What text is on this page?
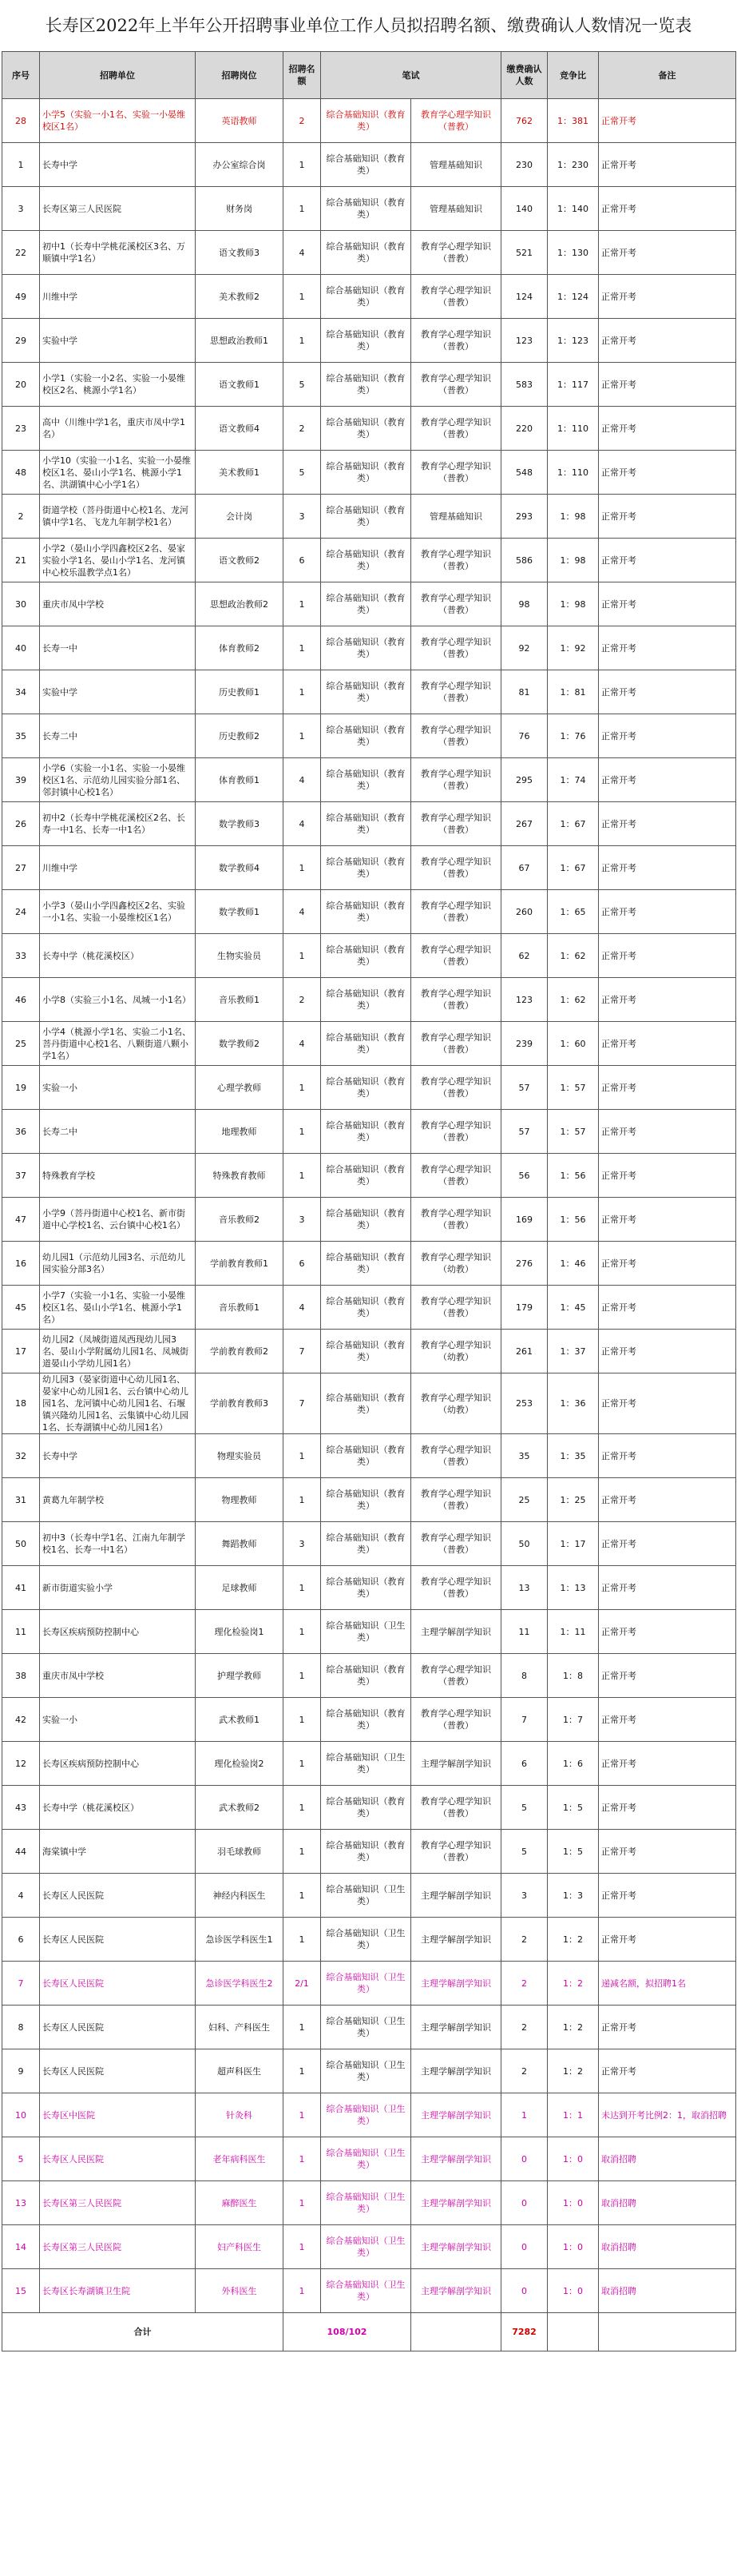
长寿区2022年上半年公开招聘事业单位工作人员拟招聘名额、缴费确认人数情况一览表
序号	招聘单位	招聘岗位	招聘名额	笔试		缴费确认人数	竞争比	备注
28	小学5（实验一小1名、实验一小晏维校区1名）	英语教师	2	综合基础知识（教育类）	教育学心理学知识（普教）	762	1：381	正常开考
1	长寿中学	办公室综合岗	1	综合基础知识（教育类）	管理基础知识	230	1：230	正常开考
3	长寿区第三人民医院	财务岗	1	综合基础知识（教育类）	管理基础知识	140	1：140	正常开考
22	初中1（长寿中学桃花溪校区3名、万顺镇中学1名）	语文教师3	4	综合基础知识（教育类）	教育学心理学知识（普教）	521	1：130	正常开考
49	川维中学	美术教师2	1	综合基础知识（教育类）	教育学心理学知识（普教）	124	1：124	正常开考
29	实验中学	思想政治教师1	1	综合基础知识（教育类）	教育学心理学知识（普教）	123	1：123	正常开考
20	小学1（实验一小2名、实验一小晏维校区2名、桃源小学1名）	语文教师1	5	综合基础知识（教育类）	教育学心理学知识（普教）	583	1：117	正常开考
23	高中（川维中学1名，重庆市凤中学1名）	语文教师4	2	综合基础知识（教育类）	教育学心理学知识（普教）	220	1：110	正常开考
48	小学10（实验一小1名、实验一小晏维校区1名、晏山小学1名、桃源小学1名、洪湖镇中心小学1名）	美术教师1	5	综合基础知识（教育类）	教育学心理学知识（普教）	548	1：110	正常开考
2	街道学校（菩丹街道中心校1名、龙河镇中学1名、飞龙九年制学校1名）	会计岗	3	综合基础知识（教育类）	管理基础知识	293	1：98	正常开考
21	小学2（晏山小学四鑫校区2名、晏家实验小学1名、晏山小学1名、龙河镇中心校乐温教学点1名）	语文教师2	6	综合基础知识（教育类）	教育学心理学知识（普教）	586	1：98	正常开考
30	重庆市凤中学校	思想政治教师2	1	综合基础知识（教育类）	教育学心理学知识（普教）	98	1：98	正常开考
40	长寿一中	体育教师2	1	综合基础知识（教育类）	教育学心理学知识（普教）	92	1：92	正常开考
34	实验中学	历史教师1	1	综合基础知识（教育类）	教育学心理学知识（普教）	81	1：81	正常开考
35	长寿二中	历史教师2	1	综合基础知识（教育类）	教育学心理学知识（普教）	76	1：76	正常开考
39	小学6（实验一小1名、实验一小晏维校区1名、示范幼儿园实验分部1名、邻封镇中心校1名）	体育教师1	4	综合基础知识（教育类）	教育学心理学知识（普教）	295	1：74	正常开考
26	初中2（长寿中学桃花溪校区2名、长寿一中1名、长寿一中1名）	数学教师3	4	综合基础知识（教育类）	教育学心理学知识（普教）	267	1：67	正常开考
27	川维中学	数学教师4	1	综合基础知识（教育类）	教育学心理学知识（普教）	67	1：67	正常开考
24	小学3（晏山小学四鑫校区2名、实验一小1名、实验一小晏维校区1名）	数学教师1	4	综合基础知识（教育类）	教育学心理学知识（普教）	260	1：65	正常开考
33	长寿中学（桃花溪校区）	生物实验员	1	综合基础知识（教育类）	教育学心理学知识（普教）	62	1：62	正常开考
46	小学8（实验三小1名、凤城一小1名）	音乐教师1	2	综合基础知识（教育类）	教育学心理学知识（普教）	123	1：62	正常开考
25	小学4（桃源小学1名、实验二小1名、菩丹街道中心校1名、八颗街道八颗小学1名）	数学教师2	4	综合基础知识（教育类）	教育学心理学知识（普教）	239	1：60	正常开考
19	实验一小	心理学教师	1	综合基础知识（教育类）	教育学心理学知识（普教）	57	1：57	正常开考
36	长寿二中	地理教师	1	综合基础知识（教育类）	教育学心理学知识（普教）	57	1：57	正常开考
37	特殊教育学校	特殊教育教师	1	综合基础知识（教育类）	教育学心理学知识（普教）	56	1：56	正常开考
47	小学9（菩丹街道中心校1名、新市街道中心学校1名、云台镇中心校1名）	音乐教师2	3	综合基础知识（教育类）	教育学心理学知识（普教）	169	1：56	正常开考
16	幼儿园1（示范幼儿园3名、示范幼儿园实验分部3名）	学前教育教师1	6	综合基础知识（教育类）	教育学心理学知识（幼教）	276	1：46	正常开考
45	小学7（实验一小1名、实验一小晏维校区1名、晏山小学1名、桃源小学1名）	音乐教师1	4	综合基础知识（教育类）	教育学心理学知识（普教）	179	1：45	正常开考
17	幼儿园2（凤城街道凤西现幼儿园3名、晏山小学附属幼儿园1名、凤城街道晏山小学幼儿园1名）	学前教育教师2	7	综合基础知识（教育类）	教育学心理学知识（幼教）	261	1：37	正常开考
18	幼儿园3（晏家街道中心幼儿园1名、晏家中心幼儿园1名、云台镇中心幼儿园1名、龙河镇中心幼儿园1名、石堰镇兴隆幼儿园1名、云集镇中心幼儿园1名、长寿湖镇中心幼儿园1名）	学前教育教师3	7	综合基础知识（教育类）	教育学心理学知识（幼教）	253	1：36	正常开考
32	长寿中学	物理实验员	1	综合基础知识（教育类）	教育学心理学知识（普教）	35	1：35	正常开考
31	黄葛九年制学校	物理教师	1	综合基础知识（教育类）	教育学心理学知识（普教）	25	1：25	正常开考
50	初中3（长寿中学1名、江南九年制学校1名、长寿一中1名）	舞蹈教师	3	综合基础知识（教育类）	教育学心理学知识（普教）	50	1：17	正常开考
41	新市街道实验小学	足球教师	1	综合基础知识（教育类）	教育学心理学知识（普教）	13	1：13	正常开考
11	长寿区疾病预防控制中心	理化检验岗1	1	综合基础知识（卫生类）	主理学解剖学知识	11	1：11	正常开考
38	重庆市凤中学校	护理学教师	1	综合基础知识（教育类）	教育学心理学知识（普教）	8	1：8	正常开考
42	实验一小	武术教师1	1	综合基础知识（教育类）	教育学心理学知识（普教）	7	1：7	正常开考
12	长寿区疾病预防控制中心	理化检验岗2	1	综合基础知识（卫生类）	主理学解剖学知识	6	1：6	正常开考
43	长寿中学（桃花溪校区）	武术教师2	1	综合基础知识（教育类）	教育学心理学知识（普教）	5	1：5	正常开考
44	海棠镇中学	羽毛球教师	1	综合基础知识（教育类）	教育学心理学知识（普教）	5	1：5	正常开考
4	长寿区人民医院	神经内科医生	1	综合基础知识（卫生类）	主理学解剖学知识	3	1：3	正常开考
6	长寿区人民医院	急诊医学科医生1	1	综合基础知识（卫生类）	主理学解剖学知识	2	1：2	正常开考
7	长寿区人民医院	急诊医学科医生2	2/1	综合基础知识（卫生类）	主理学解剖学知识	2	1：2	递减名额，拟招聘1名
8	长寿区人民医院	妇科、产科医生	1	综合基础知识（卫生类）	主理学解剖学知识	2	1：2	正常开考
9	长寿区人民医院	超声科医生	1	综合基础知识（卫生类）	主理学解剖学知识	2	1：2	正常开考
10	长寿区中医院	针灸科	1	综合基础知识（卫生类）	主理学解剖学知识	1	1：1	未达到开考比例2：1，取消招聘
5	长寿区人民医院	老年病科医生	1	综合基础知识（卫生类）	主理学解剖学知识	0	1：0	取消招聘
13	长寿区第三人民医院	麻醉医生	1	综合基础知识（卫生类）	主理学解剖学知识	0	1：0	取消招聘
14	长寿区第三人民医院	妇产科医生	1	综合基础知识（卫生类）	主理学解剖学知识	0	1：0	取消招聘
15	长寿区长寿湖镇卫生院	外科医生	1	综合基础知识（卫生类）	主理学解剖学知识	0	1：0	取消招聘
合计			108/102			7282		
